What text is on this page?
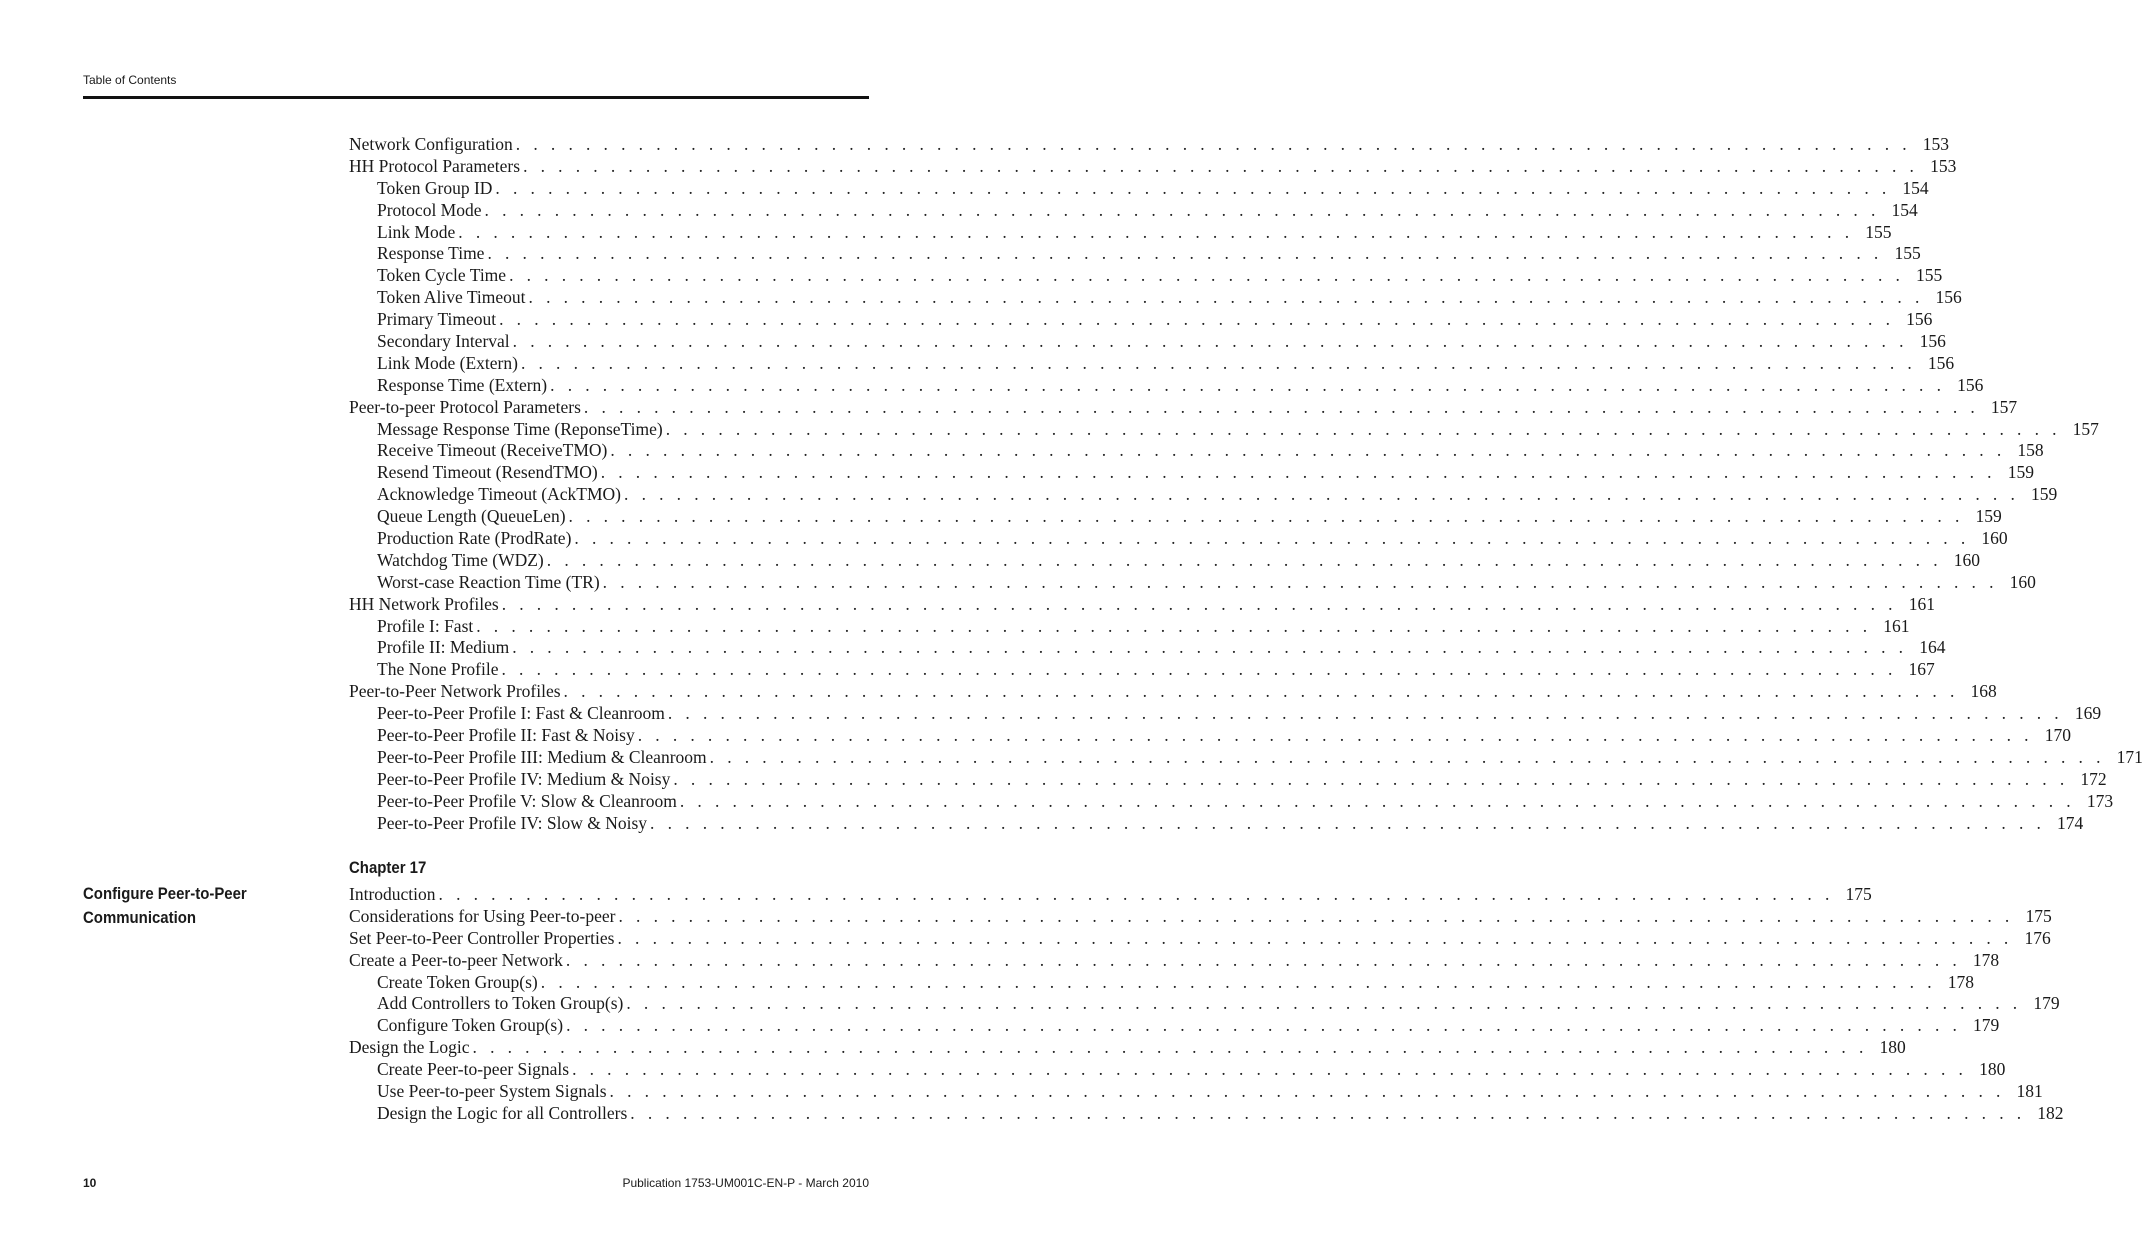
Table of Contents
Network Configuration . . . . . . . . . . . . . . . . . . . . . . . . . . . . . . . . . . . . . . . . . . . . . . . . . . . . . . . . . . . . . . . . . . . . . . . . . . . . . . . . 153
HH Protocol Parameters . . . . . . . . . . . . . . . . . . . . . . . . . . . . . . . . . . . . . . . . . . . . . . . . . . . . . . . . . . . . . . . . . . . . . . . . . . . . . . . . 153
Token Group ID . . . . . . . . . . . . . . . . . . . . . . . . . . . . . . . . . . . . . . . . . . . . . . . . . . . . . . . . . . . . . . . . . . . . . . . . . . . . . . . . 154
Protocol Mode . . . . . . . . . . . . . . . . . . . . . . . . . . . . . . . . . . . . . . . . . . . . . . . . . . . . . . . . . . . . . . . . . . . . . . . . . . . . . . . . 154
Link Mode . . . . . . . . . . . . . . . . . . . . . . . . . . . . . . . . . . . . . . . . . . . . . . . . . . . . . . . . . . . . . . . . . . . . . . . . . . . . . . . . 155
Response Time . . . . . . . . . . . . . . . . . . . . . . . . . . . . . . . . . . . . . . . . . . . . . . . . . . . . . . . . . . . . . . . . . . . . . . . . . . . . . . . . 155
Token Cycle Time . . . . . . . . . . . . . . . . . . . . . . . . . . . . . . . . . . . . . . . . . . . . . . . . . . . . . . . . . . . . . . . . . . . . . . . . . . . . . . . . 155
Token Alive Timeout . . . . . . . . . . . . . . . . . . . . . . . . . . . . . . . . . . . . . . . . . . . . . . . . . . . . . . . . . . . . . . . . . . . . . . . . . . . . . . . . 156
Primary Timeout . . . . . . . . . . . . . . . . . . . . . . . . . . . . . . . . . . . . . . . . . . . . . . . . . . . . . . . . . . . . . . . . . . . . . . . . . . . . . . . . 156
Secondary Interval . . . . . . . . . . . . . . . . . . . . . . . . . . . . . . . . . . . . . . . . . . . . . . . . . . . . . . . . . . . . . . . . . . . . . . . . . . . . . . . . 156
Link Mode (Extern) . . . . . . . . . . . . . . . . . . . . . . . . . . . . . . . . . . . . . . . . . . . . . . . . . . . . . . . . . . . . . . . . . . . . . . . . . . . . . . . . 156
Response Time (Extern) . . . . . . . . . . . . . . . . . . . . . . . . . . . . . . . . . . . . . . . . . . . . . . . . . . . . . . . . . . . . . . . . . . . . . . . . . . . . . . . . 156
Peer-to-peer Protocol Parameters . . . . . . . . . . . . . . . . . . . . . . . . . . . . . . . . . . . . . . . . . . . . . . . . . . . . . . . . . . . . . . . . . . . . . . . . . . . . . . . . 157
Message Response Time (ReponseTime) . . . . . . . . . . . . . . . . . . . . . . . . . . . . . . . . . . . . . . . . . . . . . . . . . . . . . . . . . . . . . . . . . . . . . . . . . . . . . . . . 157
Receive Timeout (ReceiveTMO) . . . . . . . . . . . . . . . . . . . . . . . . . . . . . . . . . . . . . . . . . . . . . . . . . . . . . . . . . . . . . . . . . . . . . . . . . . . . . . . . 158
Resend Timeout (ResendTMO) . . . . . . . . . . . . . . . . . . . . . . . . . . . . . . . . . . . . . . . . . . . . . . . . . . . . . . . . . . . . . . . . . . . . . . . . . . . . . . . . 159
Acknowledge Timeout (AckTMO) . . . . . . . . . . . . . . . . . . . . . . . . . . . . . . . . . . . . . . . . . . . . . . . . . . . . . . . . . . . . . . . . . . . . . . . . . . . . . . . . 159
Queue Length (QueueLen) . . . . . . . . . . . . . . . . . . . . . . . . . . . . . . . . . . . . . . . . . . . . . . . . . . . . . . . . . . . . . . . . . . . . . . . . . . . . . . . . 159
Production Rate (ProdRate) . . . . . . . . . . . . . . . . . . . . . . . . . . . . . . . . . . . . . . . . . . . . . . . . . . . . . . . . . . . . . . . . . . . . . . . . . . . . . . . . 160
Watchdog Time (WDZ) . . . . . . . . . . . . . . . . . . . . . . . . . . . . . . . . . . . . . . . . . . . . . . . . . . . . . . . . . . . . . . . . . . . . . . . . . . . . . . . . 160
Worst-case Reaction Time (TR) . . . . . . . . . . . . . . . . . . . . . . . . . . . . . . . . . . . . . . . . . . . . . . . . . . . . . . . . . . . . . . . . . . . . . . . . . . . . . . . . 160
HH Network Profiles . . . . . . . . . . . . . . . . . . . . . . . . . . . . . . . . . . . . . . . . . . . . . . . . . . . . . . . . . . . . . . . . . . . . . . . . . . . . . . . . 161
Profile I: Fast . . . . . . . . . . . . . . . . . . . . . . . . . . . . . . . . . . . . . . . . . . . . . . . . . . . . . . . . . . . . . . . . . . . . . . . . . . . . . . . . 161
Profile II: Medium . . . . . . . . . . . . . . . . . . . . . . . . . . . . . . . . . . . . . . . . . . . . . . . . . . . . . . . . . . . . . . . . . . . . . . . . . . . . . . . . 164
The None Profile . . . . . . . . . . . . . . . . . . . . . . . . . . . . . . . . . . . . . . . . . . . . . . . . . . . . . . . . . . . . . . . . . . . . . . . . . . . . . . . . 167
Peer-to-Peer Network Profiles . . . . . . . . . . . . . . . . . . . . . . . . . . . . . . . . . . . . . . . . . . . . . . . . . . . . . . . . . . . . . . . . . . . . . . . . . . . . . . . . 168
Peer-to-Peer Profile I: Fast & Cleanroom . . . . . . . . . . . . . . . . . . . . . . . . . . . . . . . . . . . . . . . . . . . . . . . . . . . . . . . . . . . . . . . . . . . . . . . . . . . . . . . . 169
Peer-to-Peer Profile II: Fast & Noisy . . . . . . . . . . . . . . . . . . . . . . . . . . . . . . . . . . . . . . . . . . . . . . . . . . . . . . . . . . . . . . . . . . . . . . . . . . . . . . . . 170
Peer-to-Peer Profile III: Medium & Cleanroom . . . . . . . . . . . . . . . . . . . . . . . . . . . . . . . . . . . . . . . . . . . . . . . . . . . . . . . . . . . . . . . . . . . . . . . . . . . . . . . . 171
Peer-to-Peer Profile IV: Medium & Noisy . . . . . . . . . . . . . . . . . . . . . . . . . . . . . . . . . . . . . . . . . . . . . . . . . . . . . . . . . . . . . . . . . . . . . . . . . . . . . . . . 172
Peer-to-Peer Profile V: Slow & Cleanroom . . . . . . . . . . . . . . . . . . . . . . . . . . . . . . . . . . . . . . . . . . . . . . . . . . . . . . . . . . . . . . . . . . . . . . . . . . . . . . . . 173
Peer-to-Peer Profile IV: Slow & Noisy . . . . . . . . . . . . . . . . . . . . . . . . . . . . . . . . . . . . . . . . . . . . . . . . . . . . . . . . . . . . . . . . . . . . . . . . . . . . . . . . 174
Chapter 17
Configure Peer-to-Peer
Communication
Introduction . . . . . . . . . . . . . . . . . . . . . . . . . . . . . . . . . . . . . . . . . . . . . . . . . . . . . . . . . . . . . . . . . . . . . . . . . . . . . . . . 175
Considerations for Using Peer-to-peer . . . . . . . . . . . . . . . . . . . . . . . . . . . . . . . . . . . . . . . . . . . . . . . . . . . . . . . . . . . . . . . . . . . . . . . . . . . . . . . . 175
Set Peer-to-Peer Controller Properties . . . . . . . . . . . . . . . . . . . . . . . . . . . . . . . . . . . . . . . . . . . . . . . . . . . . . . . . . . . . . . . . . . . . . . . . . . . . . . . . 176
Create a Peer-to-peer Network . . . . . . . . . . . . . . . . . . . . . . . . . . . . . . . . . . . . . . . . . . . . . . . . . . . . . . . . . . . . . . . . . . . . . . . . . . . . . . . . 178
Create Token Group(s) . . . . . . . . . . . . . . . . . . . . . . . . . . . . . . . . . . . . . . . . . . . . . . . . . . . . . . . . . . . . . . . . . . . . . . . . . . . . . . . . 178
Add Controllers to Token Group(s) . . . . . . . . . . . . . . . . . . . . . . . . . . . . . . . . . . . . . . . . . . . . . . . . . . . . . . . . . . . . . . . . . . . . . . . . . . . . . . . . 179
Configure Token Group(s) . . . . . . . . . . . . . . . . . . . . . . . . . . . . . . . . . . . . . . . . . . . . . . . . . . . . . . . . . . . . . . . . . . . . . . . . . . . . . . . . 179
Design the Logic . . . . . . . . . . . . . . . . . . . . . . . . . . . . . . . . . . . . . . . . . . . . . . . . . . . . . . . . . . . . . . . . . . . . . . . . . . . . . . . . 180
Create Peer-to-peer Signals . . . . . . . . . . . . . . . . . . . . . . . . . . . . . . . . . . . . . . . . . . . . . . . . . . . . . . . . . . . . . . . . . . . . . . . . . . . . . . . . 180
Use Peer-to-peer System Signals . . . . . . . . . . . . . . . . . . . . . . . . . . . . . . . . . . . . . . . . . . . . . . . . . . . . . . . . . . . . . . . . . . . . . . . . . . . . . . . . 181
Design the Logic for all Controllers . . . . . . . . . . . . . . . . . . . . . . . . . . . . . . . . . . . . . . . . . . . . . . . . . . . . . . . . . . . . . . . . . . . . . . . . . . . . . . . . 182
10	Publication 1753-UM001C-EN-P - March 2010
